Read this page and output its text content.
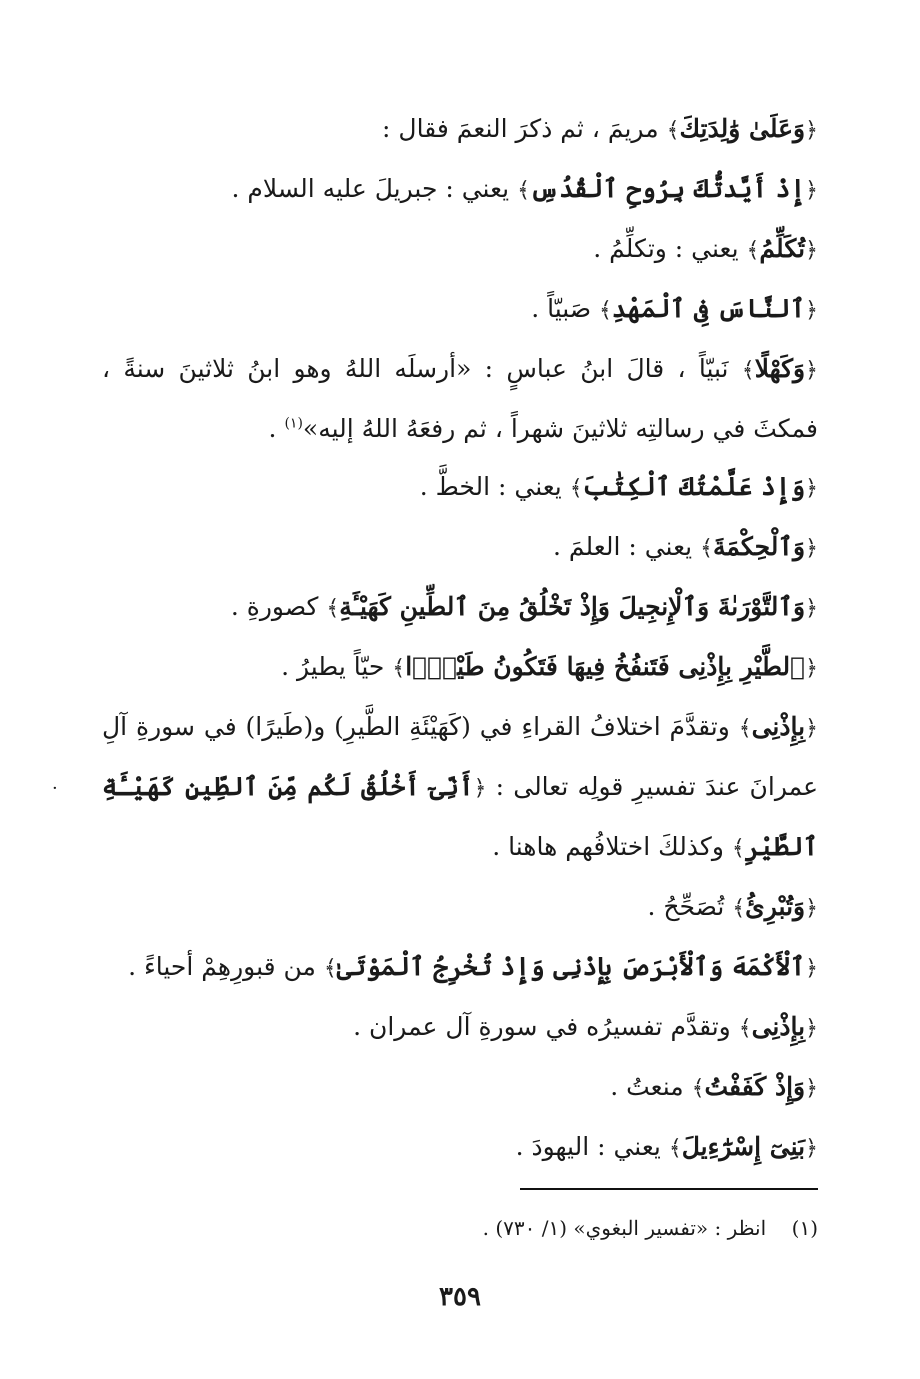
﴿وَعَلَىٰ وَٰلِدَتِكَ﴾ مريمَ ، ثم ذكرَ النعمَ فقال :

﴿إِذْ أَيَّدتُّكَ بِرُوحِ ٱلْقُدُسِ﴾ يعني : جبريلَ عليه السلام .

﴿تُكَلِّمُ﴾ يعني : وتكلِّمُ .

﴿ٱلنَّاسَ فِى ٱلْمَهْدِ﴾ صَبيّاً .

﴿وَكَهْلًا﴾ نَبيّاً ، قالَ ابنُ عباسٍ : «أرسلَه اللهُ وهو ابنُ ثلاثينَ سنةً ، فمكثَ في رسالتِه ثلاثينَ شهراً ، ثم رفعَهُ اللهُ إليه»$^{(١)}$ .

﴿وَإِذْ عَلَّمْتُكَ ٱلْكِتَٰبَ﴾ يعني : الخطَّ .

﴿وَٱلْحِكْمَةَ﴾ يعني : العلمَ .

﴿وَٱلتَّوْرَىٰةَ وَٱلْإِنجِيلَ وَإِذْ تَخْلُقُ مِنَ ٱلطِّينِ كَهَيْـَٔةِ﴾ كصورةِ .

﴿ٱلطَّيْرِ بِإِذْنِى فَتَنفُخُ فِيهَا فَتَكُونُ طَيْرًۢا﴾ حيّاً يطيرُ .

﴿بِإِذْنِى﴾ وتقدَّمَ اختلافُ القراءِ في (كَهَيْئَةِ الطَّيرِ) و(طَيرًا) في سورةِ آلِ عمرانَ عندَ تفسيرِ قولِه تعالى : ﴿أَنِّىٓ أَخْلُقُ لَكُم مِّنَ ٱلطِّينِ كَهَيْـَٔةِ ٱلطَّيْرِ﴾ وكذلكَ اختلافُهم هاهنا .

﴿وَتُبْرِئُ﴾ تُصَحِّحُ .

﴿ٱلْأَكْمَهَ وَٱلْأَبْرَصَ بِإِذْنِى وَإِذْ تُخْرِجُ ٱلْمَوْتَىٰ﴾ من قبورِهِمْ أحياءً .

﴿بِإِذْنِى﴾ وتقدَّم تفسيرُه في سورةِ آل عمران .

﴿وَإِذْ كَفَفْتُ﴾ منعتُ .

﴿بَنِىٓ إِسْرَٰٓءِيلَ﴾ يعني : اليهودَ .

·
(١)    انظر : «تفسير البغوي» (١/ ٧٣٠) .
٣٥٩
